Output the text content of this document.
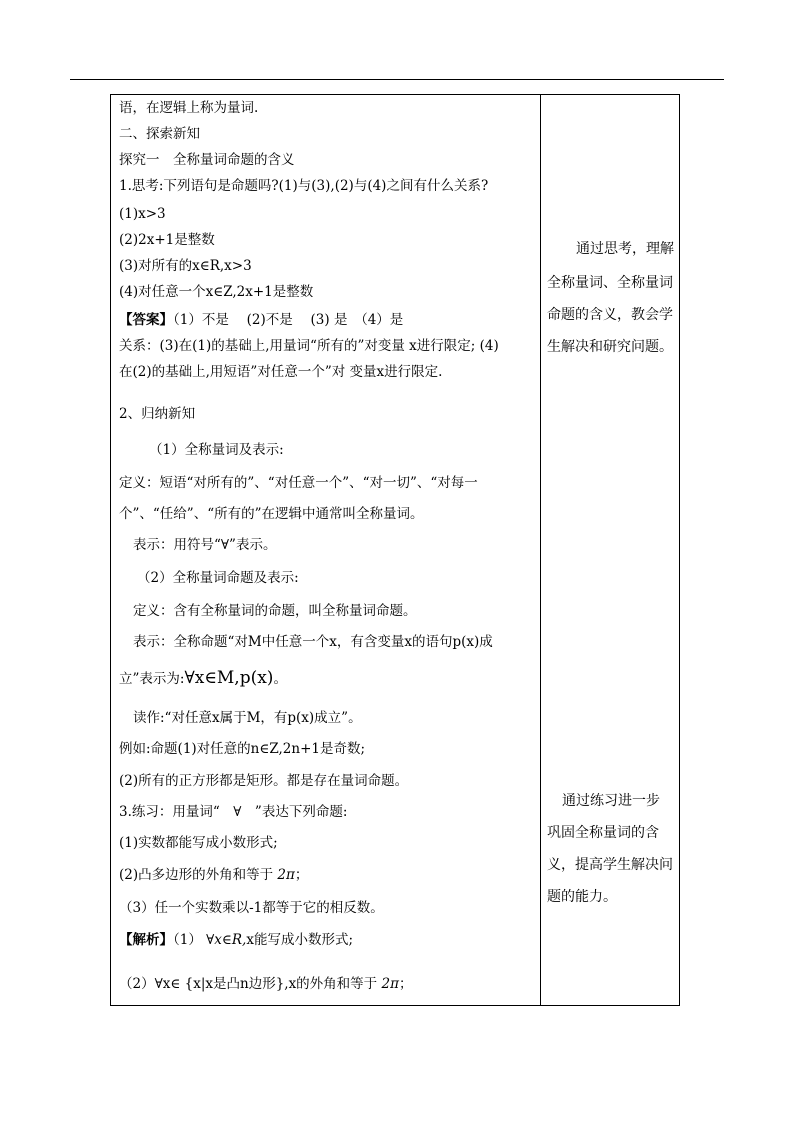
语，在逻辑上称为量词.
二、探索新知
探究一　全称量词命题的含义
1.思考:下列语句是命题吗?(1)与(3),(2)与(4)之间有什么关系?
(1)x>3
(2)2x+1是整数
(3)对所有的x∈R,x>3
(4)对任意一个x∈Z,2x+1是整数
【答案】（1）不是　 (2)不是　 (3) 是　（4）是
关系：(3)在(1)的基础上,用量词“所有的”对变量 x进行限定; (4)
在(2)的基础上,用短语”对任意一个”对 变量x进行限定.
2、归纳新知
（1）全称量词及表示:
定义：短语“对所有的”、“对任意一个”、“对一切”、“对每一
个”、“任给”、“所有的”在逻辑中通常叫全称量词。
表示：用符号“∀”表示。
（2）全称量词命题及表示:
定义：含有全称量词的命题，叫全称量词命题。
表示：全称命题“对M中任意一个x，有含变量x的语句p(x)成
立”表示为:∀x∈M,p(x)。
读作:“对任意x属于M，有p(x)成立”。
例如:命题(1)对任意的n∈Z,2n+1是奇数;
(2)所有的正方形都是矩形。都是存在量词命题。
3.练习：用量词“　∀　”表达下列命题:
(1)实数都能写成小数形式;
(2)凸多边形的外角和等于 2π；
（3）任一个实数乘以-1都等于它的相反数。
【解析】（1） ∀x∈R,x能写成小数形式;
（2）∀x∈ {x|x是凸n边形},x的外角和等于 2π；
通过思考，理解
全称量词、全称量词
命题的含义，教会学
生解决和研究问题。
通过练习进一步
巩固全称量词的含
义，提高学生解决问
题的能力。
